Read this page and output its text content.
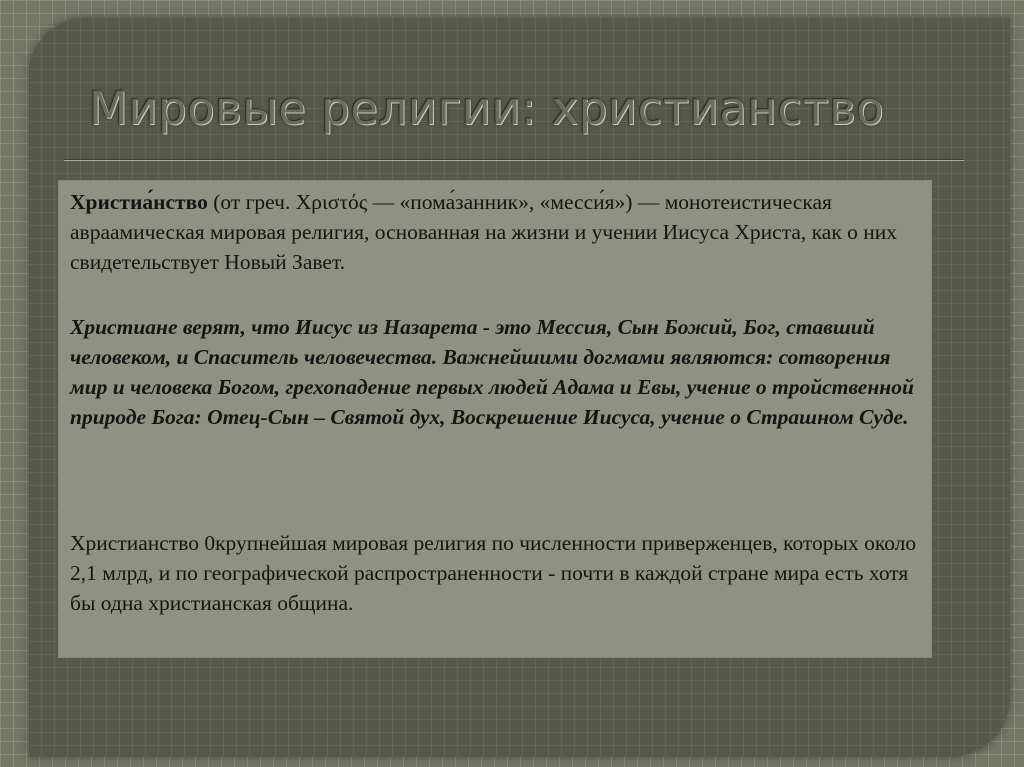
Мировые религии: христианство

Христиа́нство (от греч. Χριστός — «пома́занник», «месси́я») — монотеистическая авраамическая мировая религия, основанная на жизни и учении Иисуса Христа, как о них свидетельствует Новый Завет.

Христиане верят, что Иисус из Назарета - это Мессия, Сын Божий, Бог, ставший человеком, и Спаситель человечества. Важнейшими догмами являются: сотворения мир и человека Богом, грехопадение первых людей Адама и Евы, учение о тройственной природе Бога: Отец-Сын – Святой дух, Воскрешение Иисуса, учение о Страшном Суде.

Христианство 0крупнейшая мировая религия по численности приверженцев, которых около 2,1 млрд, и по географической распространенности - почти в каждой стране мира есть хотя бы одна христианская община.
